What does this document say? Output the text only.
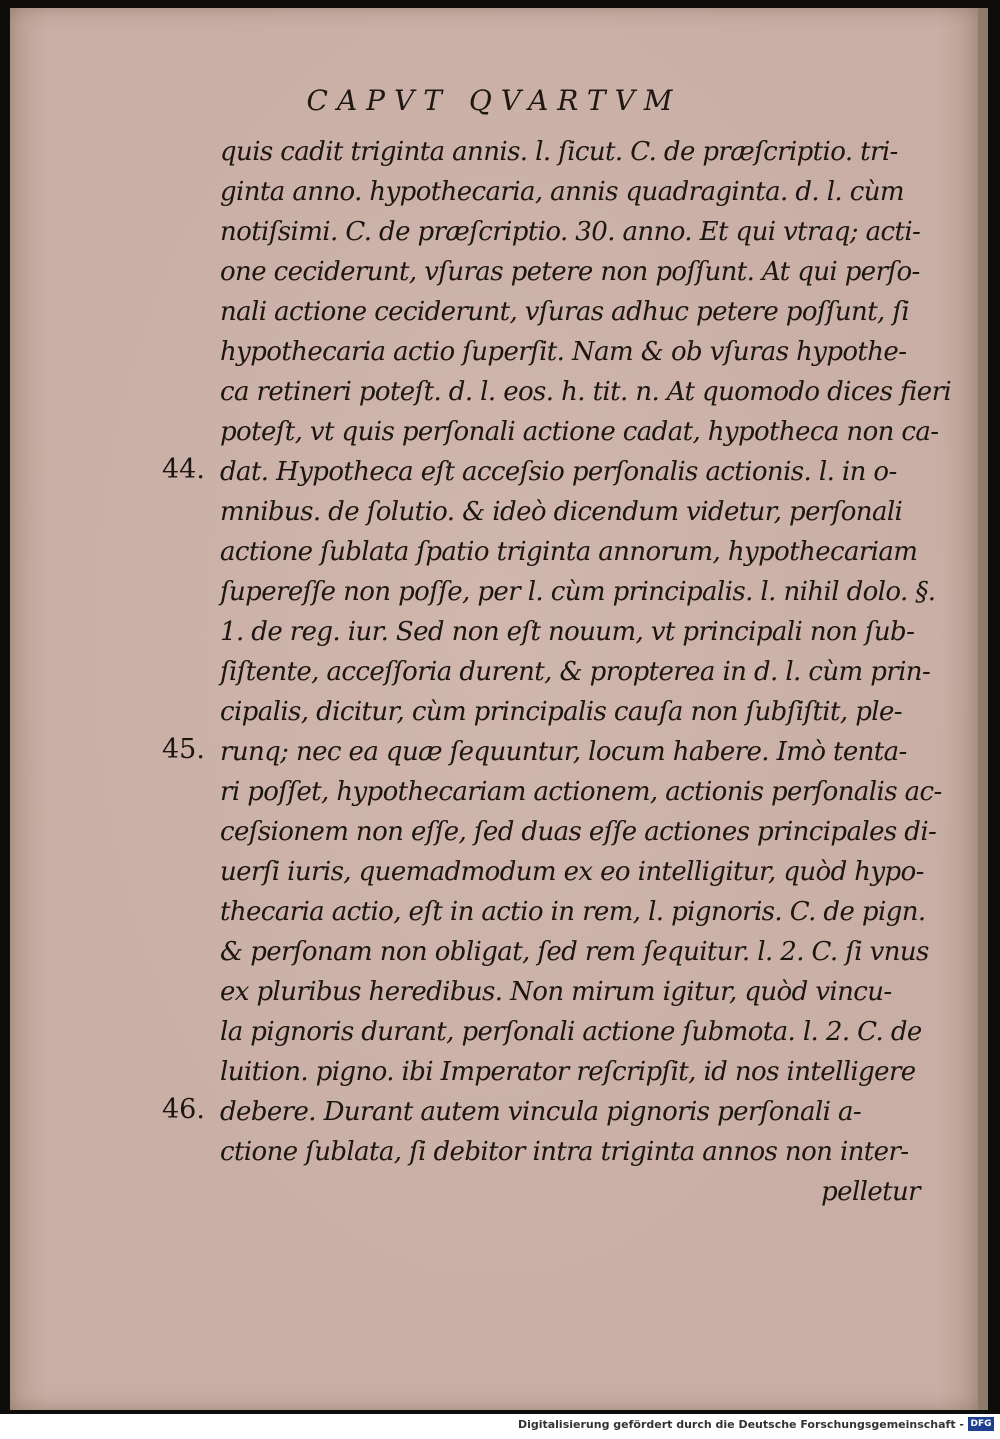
CAPVT QVARTVM
quis cadit triginta annis. l. ſicut. C. de præſcriptio. tri-
ginta anno. hypothecaria, annis quadraginta. d. l. cùm
notiſsimi. C. de præſcriptio. 30. anno. Et qui vtraq; acti-
one ceciderunt, vſuras petere non poſſunt. At qui perſo-
nali actione ceciderunt, vſuras adhuc petere poſſunt, ſi
hypothecaria actio ſuperſit. Nam & ob vſuras hypothe-
ca retineri poteſt. d. l. eos. h. tit. n. At quomodo dices fieri
poteſt, vt quis perſonali actione cadat, hypotheca non ca-
dat. Hypotheca eſt acceſsio perſonalis actionis. l. in o-
mnibus. de ſolutio. & ideò dicendum videtur, perſonali
actione ſublata ſpatio triginta annorum, hypothecariam
ſupereſſe non poſſe, per l. cùm principalis. l. nihil dolo. §.
1. de reg. iur. Sed non eſt nouum, vt principali non ſub-
ſiſtente, acceſſoria durent, & propterea in d. l. cùm prin-
cipalis, dicitur, cùm principalis cauſa non ſubſiſtit, ple-
runq; nec ea quæ ſequuntur, locum habere. Imò tenta-
ri poſſet, hypothecariam actionem, actionis perſonalis ac-
ceſsionem non eſſe, ſed duas eſſe actiones principales di-
uerſi iuris, quemadmodum ex eo intelligitur, quòd hypo-
thecaria actio, eſt in actio in rem, l. pignoris. C. de pign.
& perſonam non obligat, ſed rem ſequitur. l. 2. C. ſi vnus
ex pluribus heredibus. Non mirum igitur, quòd vincu-
la pignoris durant, perſonali actione ſubmota. l. 2. C. de
luition. pigno. ibi Imperator reſcripſit, id nos intelligere
debere. Durant autem vincula pignoris perſonali a-
ctione ſublata, ſi debitor intra triginta annos non inter-
pelletur
44.
45.
46.
Digitalisierung gefördert durch die Deutsche Forschungsgemeinschaft - DFG
